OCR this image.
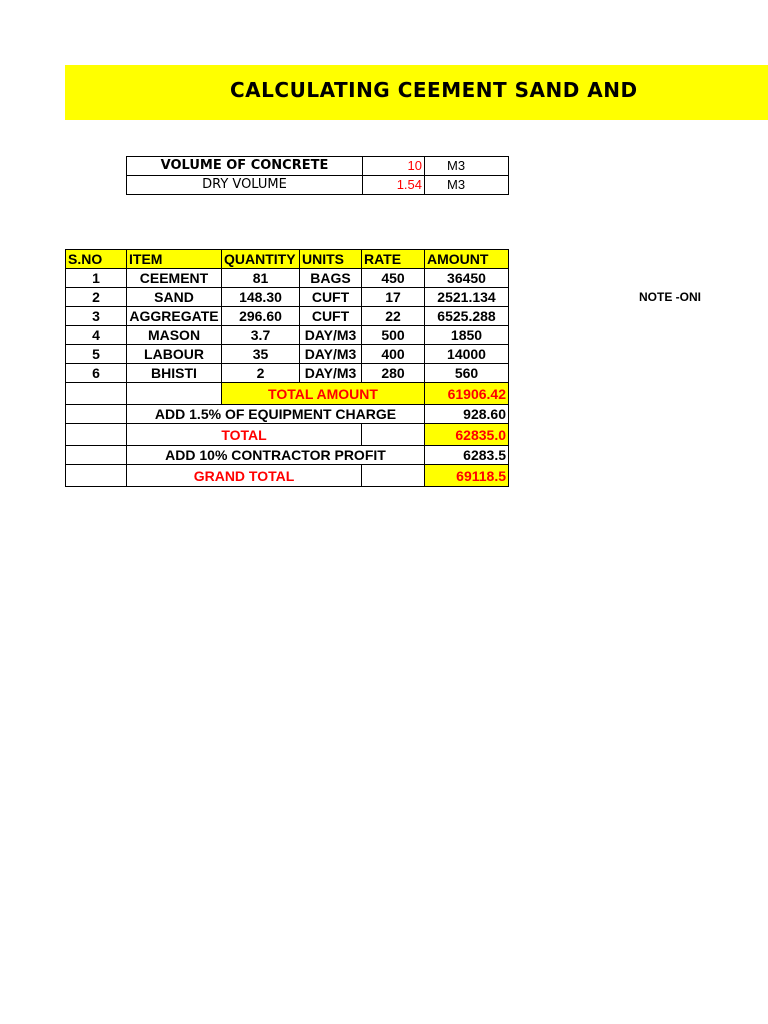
CALCULATING CEEMENT SAND AND
VOLUME OF CONCRETE	10	M3
DRY VOLUME	1.54	M3
S.NO	ITEM	QUANTITY	UNITS	RATE	AMOUNT
1	CEEMENT	81	BAGS	450	36450
2	SAND	148.30	CUFT	17	2521.134
3	AGGREGATE	296.60	CUFT	22	6525.288
4	MASON	3.7	DAY/M3	500	1850
5	LABOUR	35	DAY/M3	400	14000
6	BHISTI	2	DAY/M3	280	560
		TOTAL AMOUNT			61906.42
	ADD 1.5% OF EQUIPMENT CHARGE				928.60
	TOTAL				62835.0
	ADD 10% CONTRACTOR PROFIT				6283.5
	GRAND TOTAL				69118.5
NOTE -ONI
